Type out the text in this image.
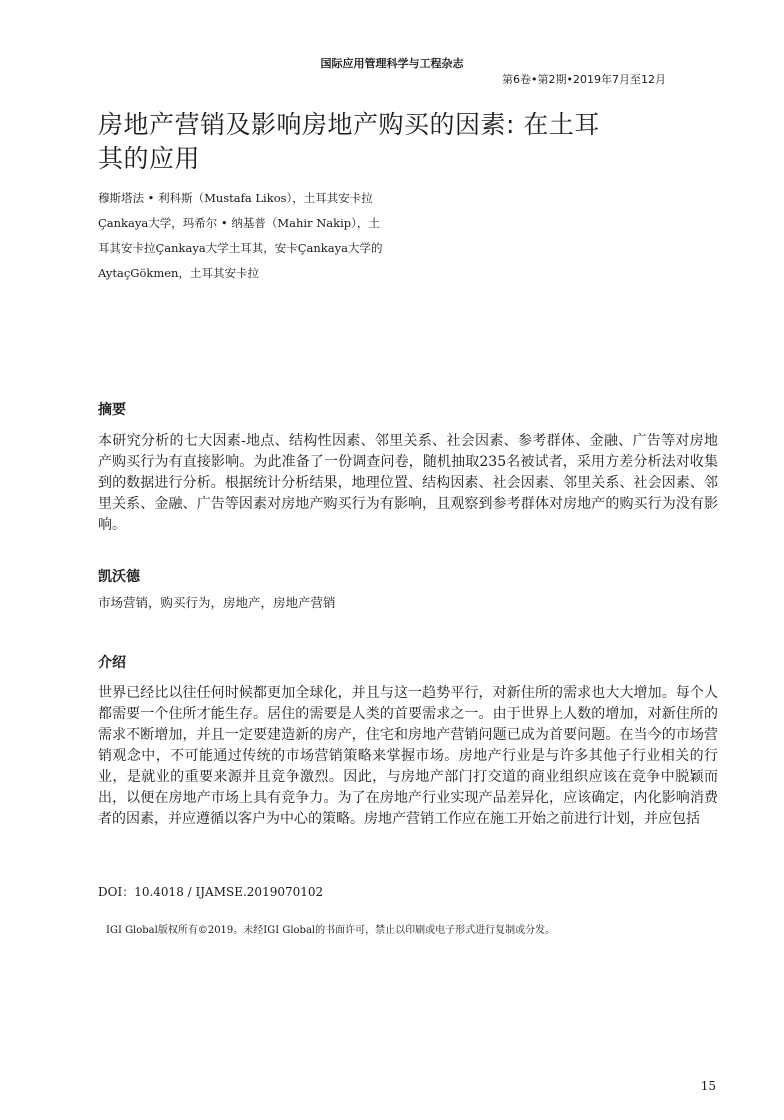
国际应用管理科学与工程杂志
第6卷•第2期•2019年7月至12月
房地产营销及影响房地产购买的因素: 在土耳其的应用

穆斯塔法 • 利科斯（Mustafa Likos），土耳其安卡拉Çankaya大学，玛希尔 • 纳基普（Mahir Nakip），土耳其安卡拉Çankaya大学土耳其，安卡Çankaya大学的AytaçGökmen，土耳其安卡拉

摘要

本研究分析的七大因素-地点、结构性因素、邻里关系、社会因素、参考群体、金融、广告等对房地产购买行为有直接影响。为此准备了一份调查问卷，随机抽取235名被试者，采用方差分析法对收集到的数据进行分析。根据统计分析结果，地理位置、结构因素、社会因素、邻里关系、社会因素、邻里关系、金融、广告等因素对房地产购买行为有影响，且观察到参考群体对房地产的购买行为没有影响。

凯沃德

市场营销，购买行为，房地产，房地产营销

介绍

世界已经比以往任何时候都更加全球化，并且与这一趋势平行，对新住所的需求也大大增加。每个人都需要一个住所才能生存。居住的需要是人类的首要需求之一。由于世界上人数的增加，对新住所的需求不断增加，并且一定要建造新的房产，住宅和房地产营销问题已成为首要问题。在当今的市场营销观念中，不可能通过传统的市场营销策略来掌握市场。房地产行业是与许多其他子行业相关的行业，是就业的重要来源并且竞争激烈。因此，与房地产部门打交道的商业组织应该在竞争中脱颖而出，以便在房地产市场上具有竞争力。为了在房地产行业实现产品差异化，应该确定，内化影响消费者的因素，并应遵循以客户为中心的策略。房地产营销工作应在施工开始之前进行计划，并应包括

DOI：10.4018 / IJAMSE.2019070102
IGI Global版权所有©2019。未经IGI Global的书面许可，禁止以印刷或电子形式进行复制或分发。
15
